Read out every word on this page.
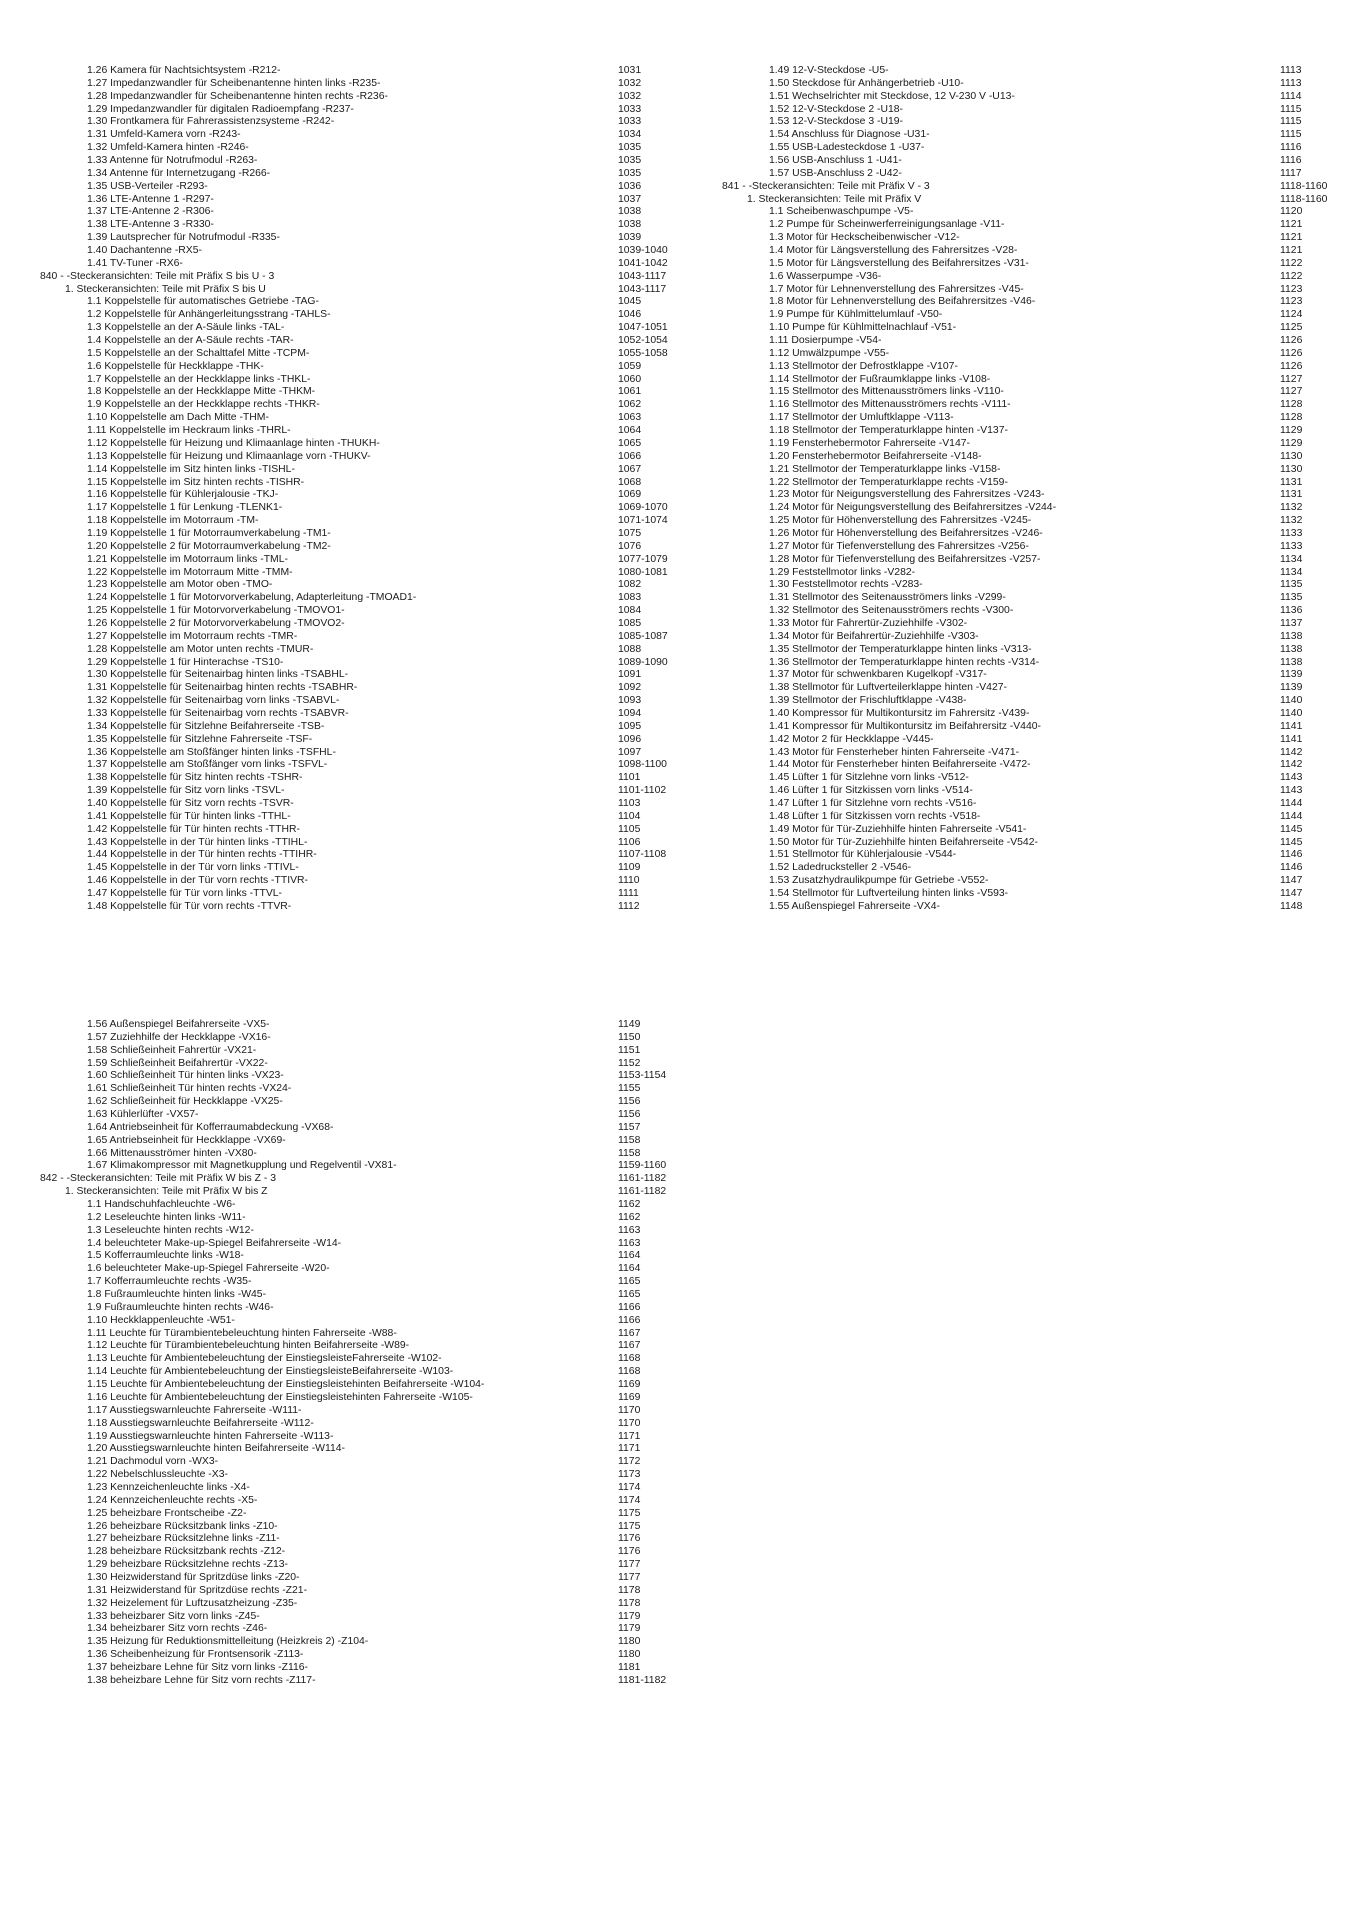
1.26 Kamera für Nachtsichtsystem -R212-	1031
1.27 Impedanzwandler für Scheibenantenne hinten links -R235-	1032
1.28 Impedanzwandler für Scheibenantenne hinten rechts -R236-	1032
1.29 Impedanzwandler für digitalen Radioempfang -R237-	1033
1.30 Frontkamera für Fahrerassistenzsysteme -R242-	1033
1.31 Umfeld-Kamera vorn -R243-	1034
1.32 Umfeld-Kamera hinten -R246-	1035
1.33 Antenne für Notrufmodul -R263-	1035
1.34 Antenne für Internetzugang -R266-	1035
1.35 USB-Verteiler -R293-	1036
1.36 LTE-Antenne 1 -R297-	1037
1.37 LTE-Antenne 2 -R306-	1038
1.38 LTE-Antenne 3 -R330-	1038
1.39 Lautsprecher für Notrufmodul -R335-	1039
1.40 Dachantenne -RX5-	1039-1040
1.41 TV-Tuner -RX6-	1041-1042
840 - -Steckeransichten: Teile mit Präfix S bis U - 3	1043-1117
1. Steckeransichten: Teile mit Präfix S bis U	1043-1117
1.1 Koppelstelle für automatisches Getriebe -TAG-	1045
1.2 Koppelstelle für Anhängerleitungsstrang -TAHLS-	1046
1.3 Koppelstelle an der A-Säule links -TAL-	1047-1051
1.4 Koppelstelle an der A-Säule rechts -TAR-	1052-1054
1.5 Koppelstelle an der Schalttafel Mitte -TCPM-	1055-1058
1.6 Koppelstelle für Heckklappe -THK-	1059
1.7 Koppelstelle an der Heckklappe links -THKL-	1060
1.8 Koppelstelle an der Heckklappe Mitte -THKM-	1061
1.9 Koppelstelle an der Heckklappe rechts -THKR-	1062
1.10 Koppelstelle am Dach Mitte -THM-	1063
1.11 Koppelstelle im Heckraum links -THRL-	1064
1.12 Koppelstelle für Heizung und Klimaanlage hinten -THUKH-	1065
1.13 Koppelstelle für Heizung und Klimaanlage vorn -THUKV-	1066
1.14 Koppelstelle im Sitz hinten links -TISHL-	1067
1.15 Koppelstelle im Sitz hinten rechts -TISHR-	1068
1.16 Koppelstelle für Kühlerjalousie -TKJ-	1069
1.17 Koppelstelle 1 für Lenkung -TLENK1-	1069-1070
1.18 Koppelstelle im Motorraum -TM-	1071-1074
1.19 Koppelstelle 1 für Motorraumverkabelung -TM1-	1075
1.20 Koppelstelle 2 für Motorraumverkabelung -TM2-	1076
1.21 Koppelstelle im Motorraum links -TML-	1077-1079
1.22 Koppelstelle im Motorraum Mitte -TMM-	1080-1081
1.23 Koppelstelle am Motor oben -TMO-	1082
1.24 Koppelstelle 1 für Motorvorverkabelung, Adapterleitung -TMOAD1-	1083
1.25 Koppelstelle 1 für Motorvorverkabelung -TMOVO1-	1084
1.26 Koppelstelle 2 für Motorvorverkabelung -TMOVO2-	1085
1.27 Koppelstelle im Motorraum rechts -TMR-	1085-1087
1.28 Koppelstelle am Motor unten rechts -TMUR-	1088
1.29 Koppelstelle 1 für Hinterachse -TS10-	1089-1090
1.30 Koppelstelle für Seitenairbag hinten links -TSABHL-	1091
1.31 Koppelstelle für Seitenairbag hinten rechts -TSABHR-	1092
1.32 Koppelstelle für Seitenairbag vorn links -TSABVL-	1093
1.33 Koppelstelle für Seitenairbag vorn rechts -TSABVR-	1094
1.34 Koppelstelle für Sitzlehne Beifahrerseite -TSB-	1095
1.35 Koppelstelle für Sitzlehne Fahrerseite -TSF-	1096
1.36 Koppelstelle am Stoßfänger hinten links -TSFHL-	1097
1.37 Koppelstelle am Stoßfänger vorn links -TSFVL-	1098-1100
1.38 Koppelstelle für Sitz hinten rechts -TSHR-	1101
1.39 Koppelstelle für Sitz vorn links -TSVL-	1101-1102
1.40 Koppelstelle für Sitz vorn rechts -TSVR-	1103
1.41 Koppelstelle für Tür hinten links -TTHL-	1104
1.42 Koppelstelle für Tür hinten rechts -TTHR-	1105
1.43 Koppelstelle in der Tür hinten links -TTIHL-	1106
1.44 Koppelstelle in der Tür hinten rechts -TTIHR-	1107-1108
1.45 Koppelstelle in der Tür vorn links -TTIVL-	1109
1.46 Koppelstelle in der Tür vorn rechts -TTIVR-	1110
1.47 Koppelstelle für Tür vorn links -TTVL-	1111
1.48 Koppelstelle für Tür vorn rechts -TTVR-	1112
1.49 12-V-Steckdose -U5-	1113
1.50 Steckdose für Anhängerbetrieb -U10-	1113
1.51 Wechselrichter mit Steckdose, 12 V-230 V -U13-	1114
1.52 12-V-Steckdose 2 -U18-	1115
1.53 12-V-Steckdose 3 -U19-	1115
1.54 Anschluss für Diagnose -U31-	1115
1.55 USB-Ladesteckdose 1 -U37-	1116
1.56 USB-Anschluss 1 -U41-	1116
1.57 USB-Anschluss 2 -U42-	1117
841 - -Steckeransichten: Teile mit Präfix V - 3	1118-1160
1. Steckeransichten: Teile mit Präfix V	1118-1160
1.1 Scheibenwaschpumpe -V5-	1120
1.2 Pumpe für Scheinwerferreinigungsanlage -V11-	1121
1.3 Motor für Heckscheibenwischer -V12-	1121
1.4 Motor für Längsverstellung des Fahrersitzes -V28-	1121
1.5 Motor für Längsverstellung des Beifahrersitzes -V31-	1122
1.6 Wasserpumpe -V36-	1122
1.7 Motor für Lehnenverstellung des Fahrersitzes -V45-	1123
1.8 Motor für Lehnenverstellung des Beifahrersitzes -V46-	1123
1.9 Pumpe für Kühlmittelumlauf -V50-	1124
1.10 Pumpe für Kühlmittelnachlauf -V51-	1125
1.11 Dosierpumpe -V54-	1126
1.12 Umwälzpumpe -V55-	1126
1.13 Stellmotor der Defrostklappe -V107-	1126
1.14 Stellmotor der Fußraumklappe links -V108-	1127
1.15 Stellmotor des Mittenausströmers links -V110-	1127
1.16 Stellmotor des Mittenausströmers rechts -V111-	1128
1.17 Stellmotor der Umluftklappe -V113-	1128
1.18 Stellmotor der Temperaturklappe hinten -V137-	1129
1.19 Fensterhebermotor Fahrerseite -V147-	1129
1.20 Fensterhebermotor Beifahrerseite -V148-	1130
1.21 Stellmotor der Temperaturklappe links -V158-	1130
1.22 Stellmotor der Temperaturklappe rechts -V159-	1131
1.23 Motor für Neigungsverstellung des Fahrersitzes -V243-	1131
1.24 Motor für Neigungsverstellung des Beifahrersitzes -V244-	1132
1.25 Motor für Höhenverstellung des Fahrersitzes -V245-	1132
1.26 Motor für Höhenverstellung des Beifahrersitzes -V246-	1133
1.27 Motor für Tiefenverstellung des Fahrersitzes -V256-	1133
1.28 Motor für Tiefenverstellung des Beifahrersitzes -V257-	1134
1.29 Feststellmotor links -V282-	1134
1.30 Feststellmotor rechts -V283-	1135
1.31 Stellmotor des Seitenausströmers links -V299-	1135
1.32 Stellmotor des Seitenausströmers rechts -V300-	1136
1.33 Motor für Fahrertür-Zuziehhilfe -V302-	1137
1.34 Motor für Beifahrertür-Zuziehhilfe -V303-	1138
1.35 Stellmotor der Temperaturklappe hinten links -V313-	1138
1.36 Stellmotor der Temperaturklappe hinten rechts -V314-	1138
1.37 Motor für schwenkbaren Kugelkopf -V317-	1139
1.38 Stellmotor für Luftverteilerklappe hinten -V427-	1139
1.39 Stellmotor der Frischluftklappe -V438-	1140
1.40 Kompressor für Multikontursitz im Fahrersitz -V439-	1140
1.41 Kompressor für Multikontursitz im Beifahrersitz -V440-	1141
1.42 Motor 2 für Heckklappe -V445-	1141
1.43 Motor für Fensterheber hinten Fahrerseite -V471-	1142
1.44 Motor für Fensterheber hinten Beifahrerseite -V472-	1142
1.45 Lüfter 1 für Sitzlehne vorn links -V512-	1143
1.46 Lüfter 1 für Sitzkissen vorn links -V514-	1143
1.47 Lüfter 1 für Sitzlehne vorn rechts -V516-	1144
1.48 Lüfter 1 für Sitzkissen vorn rechts -V518-	1144
1.49 Motor für Tür-Zuziehhilfe hinten Fahrerseite -V541-	1145
1.50 Motor für Tür-Zuziehhilfe hinten Beifahrerseite -V542-	1145
1.51 Stellmotor für Kühlerjalousie -V544-	1146
1.52 Ladedrucksteller 2 -V546-	1146
1.53 Zusatzhydraulikpumpe für Getriebe -V552-	1147
1.54 Stellmotor für Luftverteilung hinten links -V593-	1147
1.55 Außenspiegel Fahrerseite -VX4-	1148
1.56 Außenspiegel Beifahrerseite -VX5-	1149
1.57 Zuziehhilfe der Heckklappe -VX16-	1150
1.58 Schließeinheit Fahrertür -VX21-	1151
1.59 Schließeinheit Beifahrertür -VX22-	1152
1.60 Schließeinheit Tür hinten links -VX23-	1153-1154
1.61 Schließeinheit Tür hinten rechts -VX24-	1155
1.62 Schließeinheit für Heckklappe -VX25-	1156
1.63 Kühlerlüfter -VX57-	1156
1.64 Antriebseinheit für Kofferraumabdeckung -VX68-	1157
1.65 Antriebseinheit für Heckklappe -VX69-	1158
1.66 Mittenausströmer hinten -VX80-	1158
1.67 Klimakompressor mit Magnetkupplung und Regelventil -VX81-	1159-1160
842 - -Steckeransichten: Teile mit Präfix W bis Z - 3	1161-1182
1. Steckeransichten: Teile mit Präfix W bis Z	1161-1182
1.1 Handschuhfachleuchte -W6-	1162
1.2 Leseleuchte hinten links -W11-	1162
1.3 Leseleuchte hinten rechts -W12-	1163
1.4 beleuchteter Make-up-Spiegel Beifahrerseite -W14-	1163
1.5 Kofferraumleuchte links -W18-	1164
1.6 beleuchteter Make-up-Spiegel Fahrerseite -W20-	1164
1.7 Kofferraumleuchte rechts -W35-	1165
1.8 Fußraumleuchte hinten links -W45-	1165
1.9 Fußraumleuchte hinten rechts -W46-	1166
1.10 Heckklappenleuchte -W51-	1166
1.11 Leuchte für Türambientebeleuchtung hinten Fahrerseite -W88-	1167
1.12 Leuchte für Türambientebeleuchtung hinten Beifahrerseite -W89-	1167
1.13 Leuchte für Ambientebeleuchtung der EinstiegsleisteFahrerseite -W102-	1168
1.14 Leuchte für Ambientebeleuchtung der EinstiegsleisteBeifahrerseite -W103-	1168
1.15 Leuchte für Ambientebeleuchtung der Einstiegsleistehinten Beifahrerseite -W104-	1169
1.16 Leuchte für Ambientebeleuchtung der Einstiegsleistehinten Fahrerseite -W105-	1169
1.17 Ausstiegswarnleuchte Fahrerseite -W111-	1170
1.18 Ausstiegswarnleuchte Beifahrerseite -W112-	1170
1.19 Ausstiegswarnleuchte hinten Fahrerseite -W113-	1171
1.20 Ausstiegswarnleuchte hinten Beifahrerseite -W114-	1171
1.21 Dachmodul vorn -WX3-	1172
1.22 Nebelschlussleuchte -X3-	1173
1.23 Kennzeichenleuchte links -X4-	1174
1.24 Kennzeichenleuchte rechts -X5-	1174
1.25 beheizbare Frontscheibe -Z2-	1175
1.26 beheizbare Rücksitzbank links -Z10-	1175
1.27 beheizbare Rücksitzlehne links -Z11-	1176
1.28 beheizbare Rücksitzbank rechts -Z12-	1176
1.29 beheizbare Rücksitzlehne rechts -Z13-	1177
1.30 Heizwiderstand für Spritzdüse links -Z20-	1177
1.31 Heizwiderstand für Spritzdüse rechts -Z21-	1178
1.32 Heizelement für Luftzusatzheizung -Z35-	1178
1.33 beheizbarer Sitz vorn links -Z45-	1179
1.34 beheizbarer Sitz vorn rechts -Z46-	1179
1.35 Heizung für Reduktionsmittelleitung (Heizkreis 2) -Z104-	1180
1.36 Scheibenheizung für Frontsensorik -Z113-	1180
1.37 beheizbare Lehne für Sitz vorn links -Z116-	1181
1.38 beheizbare Lehne für Sitz vorn rechts -Z117-	1181-1182
